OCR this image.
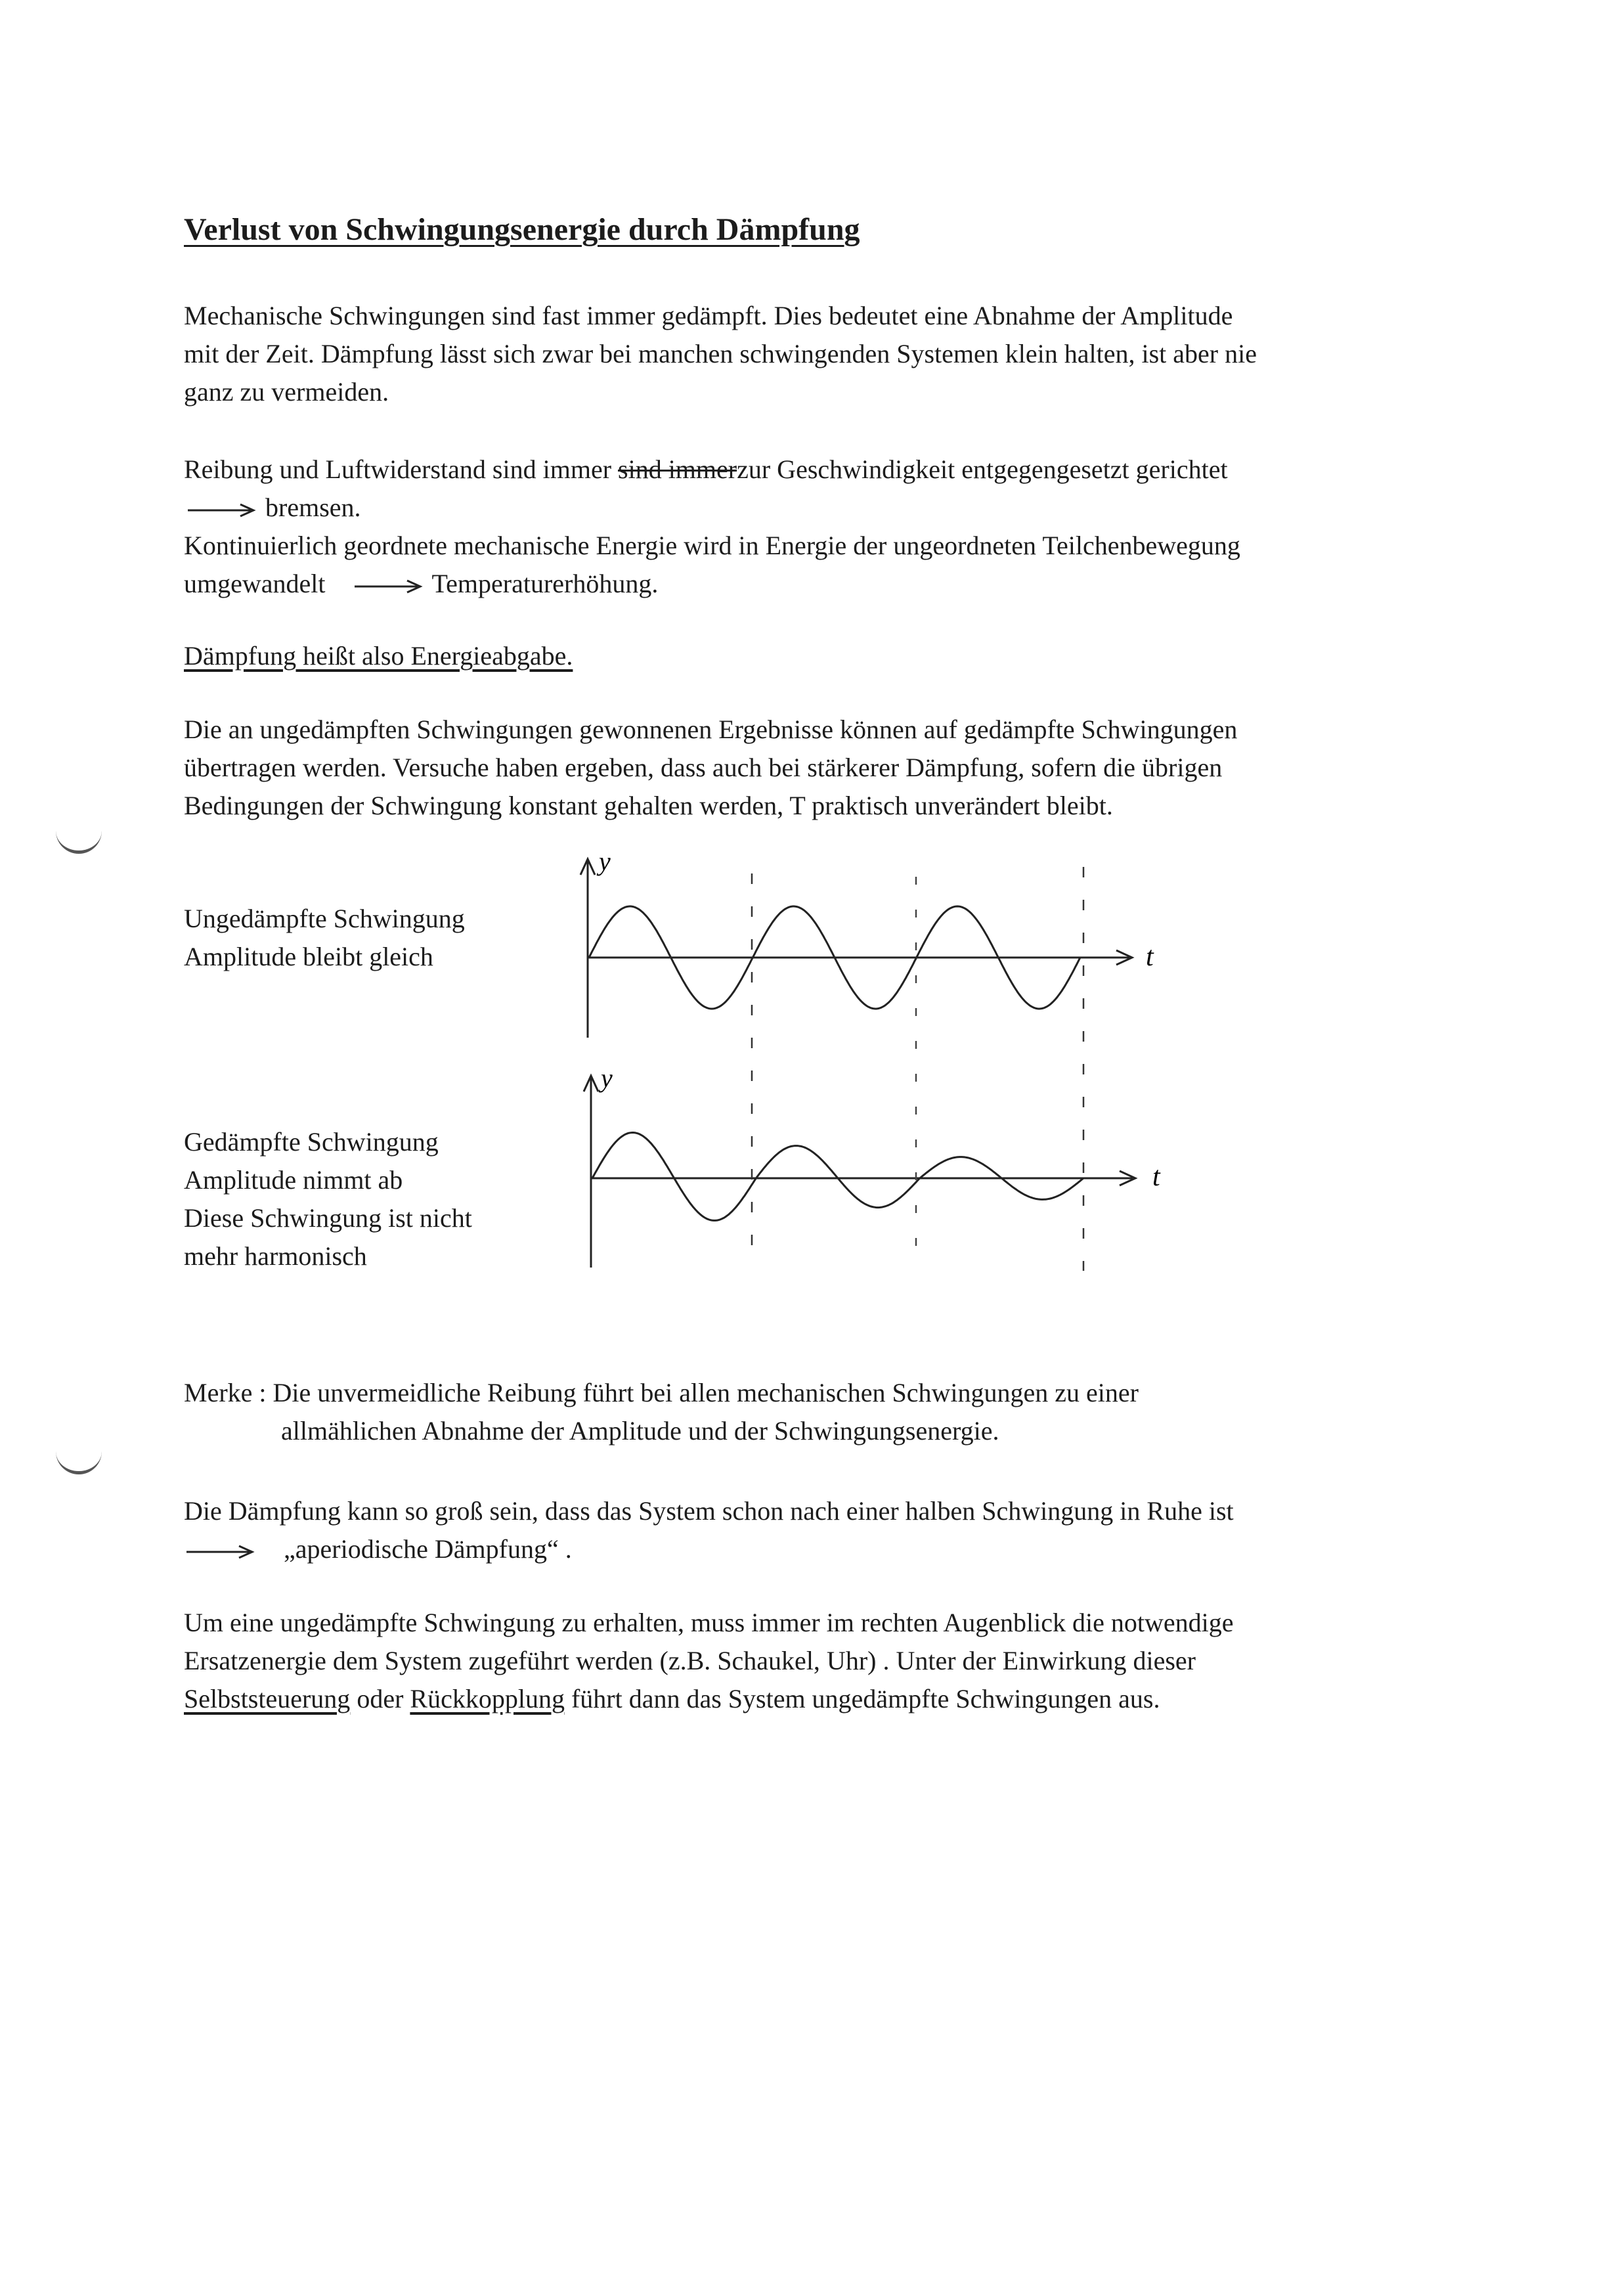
Verlust von Schwingungsenergie durch Dämpfung
Mechanische Schwingungen sind fast immer gedämpft. Dies bedeutet eine Abnahme der Amplitude
mit der Zeit. Dämpfung lässt sich zwar bei manchen schwingenden Systemen klein halten, ist aber nie
ganz zu vermeiden.
Reibung und Luftwiderstand sind immer sind immerzur Geschwindigkeit entgegengesetzt gerichtet
bremsen.
Kontinuierlich geordnete mechanische Energie wird in Energie der ungeordneten Teilchenbewegung
umgewandelt	Temperaturerhöhung.
Dämpfung heißt also Energieabgabe.
Die an ungedämpften Schwingungen gewonnenen Ergebnisse können auf gedämpfte Schwingungen
übertragen werden. Versuche haben ergeben, dass auch bei stärkerer Dämpfung, sofern die übrigen
Bedingungen der Schwingung konstant gehalten werden, T praktisch unverändert bleibt.
Ungedämpfte Schwingung
Amplitude bleibt gleich
Gedämpfte Schwingung
Amplitude nimmt ab
Diese Schwingung ist nicht
mehr harmonisch
y
t
y
t
Merke : Die unvermeidliche Reibung führt bei allen mechanischen Schwingungen zu einer
allmählichen Abnahme der Amplitude und der Schwingungsenergie.
Die Dämpfung kann so groß sein, dass das System schon nach einer halben Schwingung in Ruhe ist
„aperiodische Dämpfung“ .
Um eine ungedämpfte Schwingung zu erhalten, muss immer im rechten Augenblick die notwendige
Ersatzenergie dem System zugeführt werden (z.B. Schaukel, Uhr) . Unter der Einwirkung dieser
Selbststeuerung oder Rückkopplung führt dann das System ungedämpfte Schwingungen aus.
